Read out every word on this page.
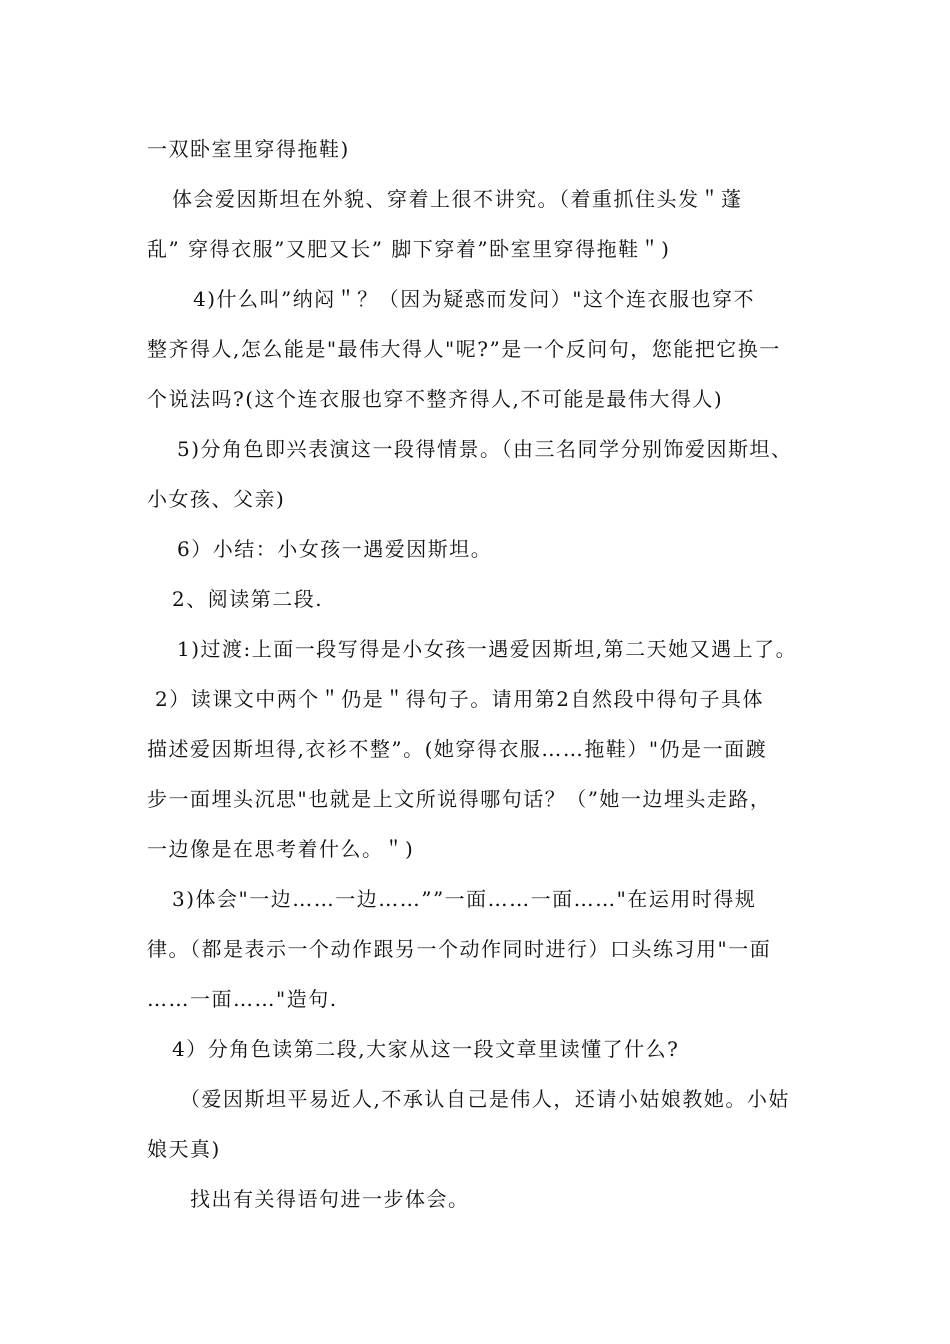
一双卧室里穿得拖鞋)
体会爱因斯坦在外貌、穿着上很不讲究。（着重抓住头发＂蓬
乱” 穿得衣服”又肥又长” 脚下穿着”卧室里穿得拖鞋＂)
4)什么叫”纳闷＂？（因为疑惑而发问）"这个连衣服也穿不
整齐得人,怎么能是"最伟大得人"呢?”是一个反问句，您能把它换一
个说法吗?(这个连衣服也穿不整齐得人,不可能是最伟大得人)
5)分角色即兴表演这一段得情景。（由三名同学分别饰爱因斯坦、
小女孩、父亲)
6）小结：小女孩一遇爱因斯坦。
2、阅读第二段.
1)过渡:上面一段写得是小女孩一遇爱因斯坦,第二天她又遇上了。
2）读课文中两个＂仍是＂得句子。请用第2自然段中得句子具体
描述爱因斯坦得,衣衫不整”。(她穿得衣服……拖鞋）"仍是一面踱
步一面埋头沉思"也就是上文所说得哪句话？（”她一边埋头走路，
一边像是在思考着什么。＂)
3)体会"一边……一边……””一面……一面……"在运用时得规
律。（都是表示一个动作跟另一个动作同时进行）口头练习用"一面
……一面……"造句.
4）分角色读第二段,大家从这一段文章里读懂了什么?
（爱因斯坦平易近人,不承认自己是伟人，还请小姑娘教她。小姑
娘天真)
找出有关得语句进一步体会。
